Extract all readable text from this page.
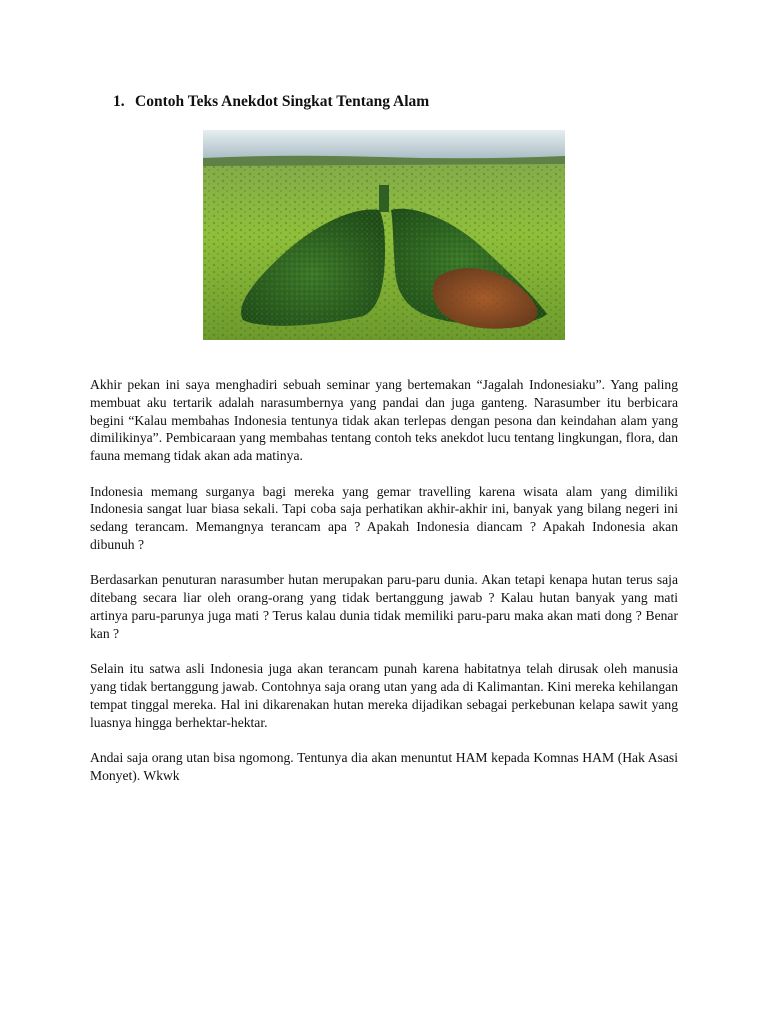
1. Contoh Teks Anekdot Singkat Tentang Alam

Akhir pekan ini saya menghadiri sebuah seminar yang bertemakan “Jagalah Indonesiaku”. Yang paling membuat aku tertarik adalah narasumbernya yang pandai dan juga ganteng. Narasumber itu berbicara begini “Kalau membahas Indonesia tentunya tidak akan terlepas dengan pesona dan keindahan alam yang dimilikinya”. Pembicaraan yang membahas tentang contoh teks anekdot lucu tentang lingkungan, flora, dan fauna memang tidak akan ada matinya.

Indonesia memang surganya bagi mereka yang gemar travelling karena wisata alam yang dimiliki Indonesia sangat luar biasa sekali. Tapi coba saja perhatikan akhir-akhir ini, banyak yang bilang negeri ini sedang terancam. Memangnya terancam apa ? Apakah Indonesia diancam ? Apakah Indonesia akan dibunuh ?

Berdasarkan penuturan narasumber hutan merupakan paru-paru dunia. Akan tetapi kenapa hutan terus saja ditebang secara liar oleh orang-orang yang tidak bertanggung jawab ? Kalau hutan banyak yang mati artinya paru-parunya juga mati ? Terus kalau dunia tidak memiliki paru-paru maka akan mati dong ? Benar kan ?

Selain itu satwa asli Indonesia juga akan terancam punah karena habitatnya telah dirusak oleh manusia yang tidak bertanggung jawab. Contohnya saja orang utan yang ada di Kalimantan. Kini mereka kehilangan tempat tinggal mereka. Hal ini dikarenakan hutan mereka dijadikan sebagai perkebunan kelapa sawit yang luasnya hingga berhektar-hektar.

Andai saja orang utan bisa ngomong. Tentunya dia akan menuntut HAM kepada Komnas HAM (Hak Asasi Monyet). Wkwk
